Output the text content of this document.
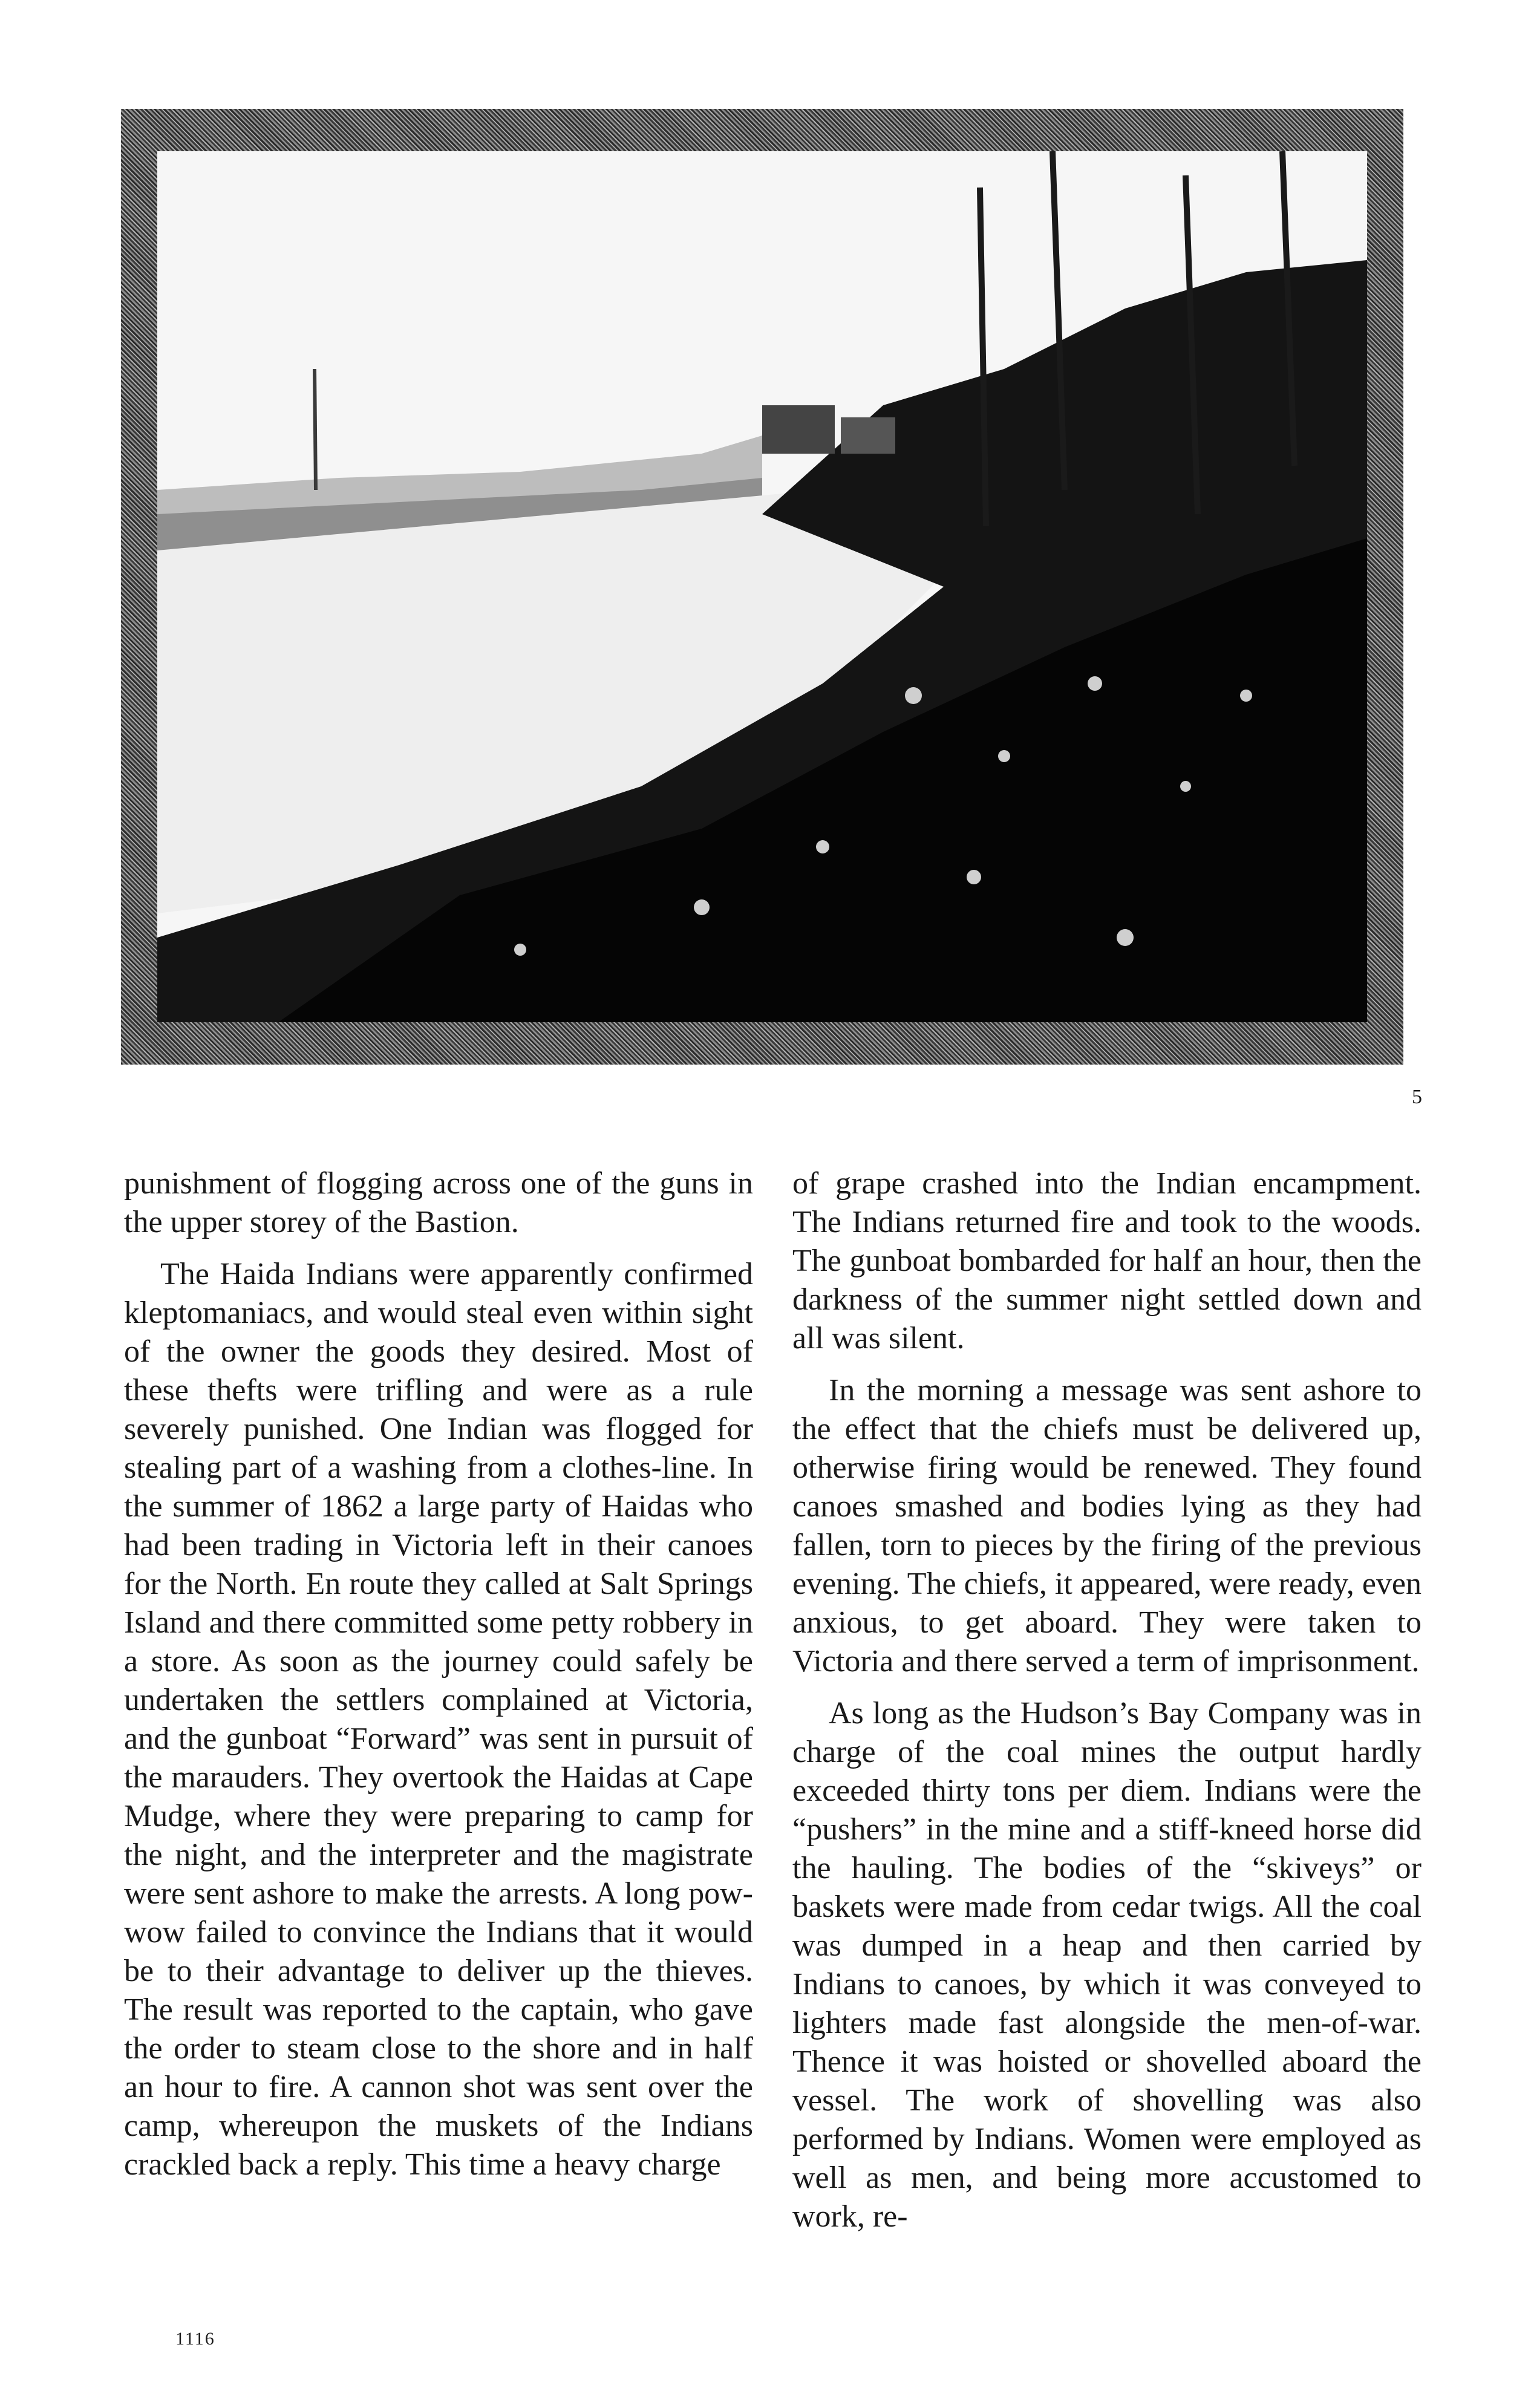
5

punishment of flogging across one of the guns in the upper storey of the Bastion.

The Haida Indians were apparently confirmed kleptomaniacs, and would steal even within sight of the owner the goods they desired. Most of these thefts were trifling and were as a rule severely punished. One Indian was flogged for stealing part of a washing from a clothes-line. In the summer of 1862 a large party of Haidas who had been trading in Victoria left in their canoes for the North. En route they called at Salt Springs Island and there committed some petty robbery in a store. As soon as the journey could safely be undertaken the settlers complained at Victoria, and the gunboat “Forward” was sent in pursuit of the marauders. They overtook the Haidas at Cape Mudge, where they were preparing to camp for the night, and the interpreter and the magistrate were sent ashore to make the arrests. A long pow-wow failed to convince the Indians that it would be to their advantage to deliver up the thieves. The result was reported to the captain, who gave the order to steam close to the shore and in half an hour to fire. A cannon shot was sent over the camp, whereupon the muskets of the Indians crackled back a reply. This time a heavy charge

of grape crashed into the Indian encampment. The Indians returned fire and took to the woods. The gunboat bombarded for half an hour, then the darkness of the summer night settled down and all was silent.

In the morning a message was sent ashore to the effect that the chiefs must be delivered up, otherwise firing would be renewed. They found canoes smashed and bodies lying as they had fallen, torn to pieces by the firing of the previous evening. The chiefs, it appeared, were ready, even anxious, to get aboard. They were taken to Victoria and there served a term of imprisonment.

As long as the Hudson’s Bay Company was in charge of the coal mines the output hardly exceeded thirty tons per diem. Indians were the “pushers” in the mine and a stiff-kneed horse did the hauling. The bodies of the “skiveys” or baskets were made from cedar twigs. All the coal was dumped in a heap and then carried by Indians to canoes, by which it was conveyed to lighters made fast alongside the men-of-war. Thence it was hoisted or shovelled aboard the vessel. The work of shovelling was also performed by Indians. Women were employed as well as men, and being more accustomed to work, re-

1116
